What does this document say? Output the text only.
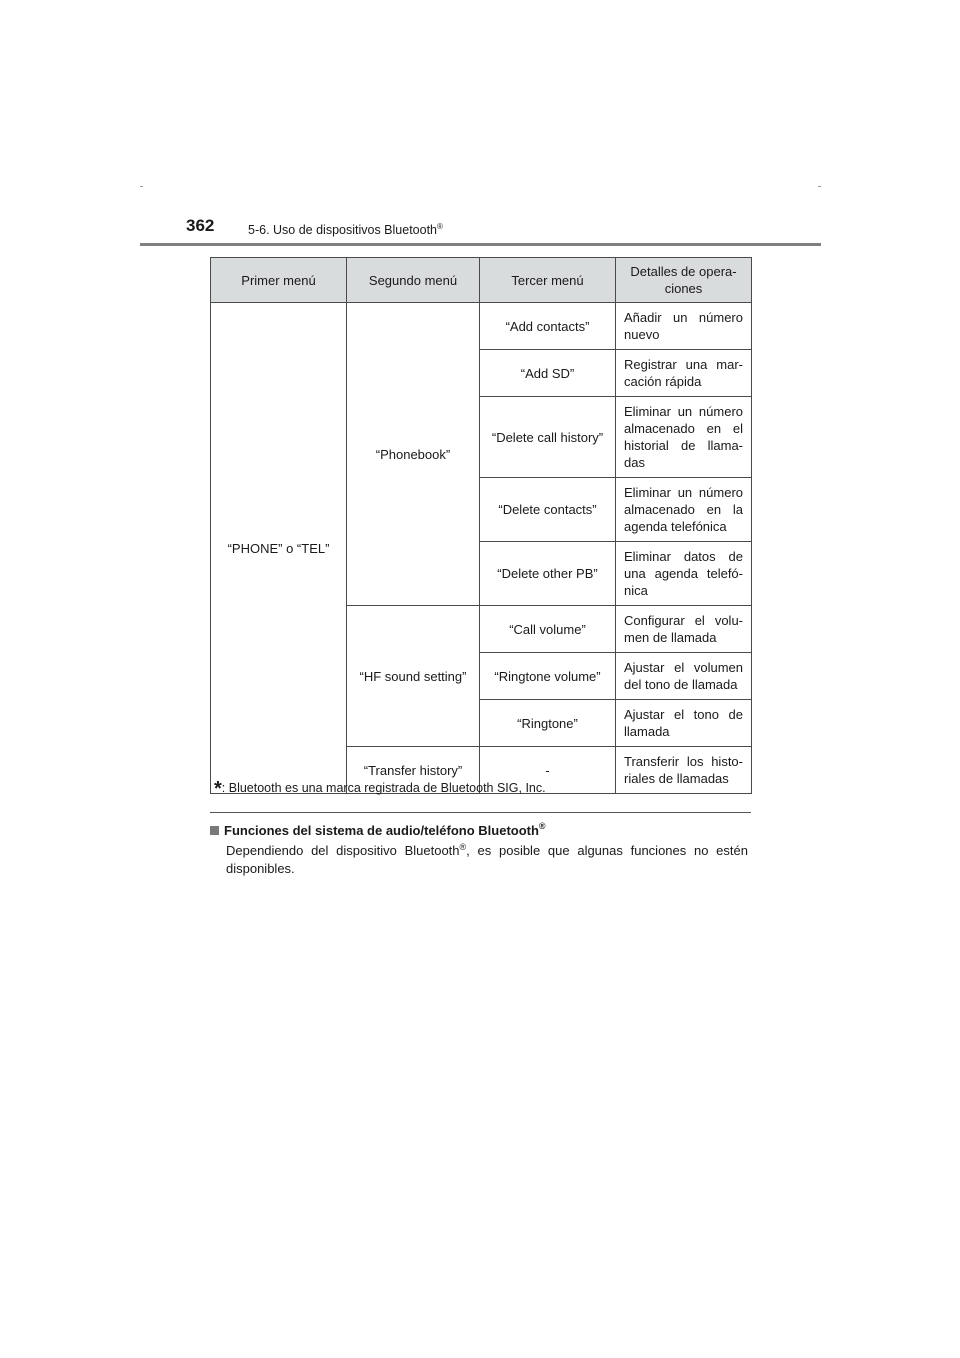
362	5-6. Uso de dispositivos Bluetooth®
Primer menú	Segundo menú	Tercer menú	Detalles de opera-ciones
“PHONE” o “TEL”	“Phonebook”	“Add contacts”	Añadir un número nuevo
		“Add SD”	Registrar una mar-cación rápida
		“Delete call history”	Eliminar un número almacenado en el historial de llama-das
		“Delete contacts”	Eliminar un número almacenado en la agenda telefónica
		“Delete other PB”	Eliminar datos de una agenda telefó-nica
	“HF sound setting”	“Call volume”	Configurar el volu-men de llamada
		“Ringtone volume”	Ajustar el volumen del tono de llamada
		“Ringtone”	Ajustar el tono de llamada
	“Transfer history”	-	Transferir los histo-riales de llamadas
*: Bluetooth es una marca registrada de Bluetooth SIG, Inc.
Funciones del sistema de audio/teléfono Bluetooth®
Dependiendo del dispositivo Bluetooth®, es posible que algunas funciones no estén disponibles.
